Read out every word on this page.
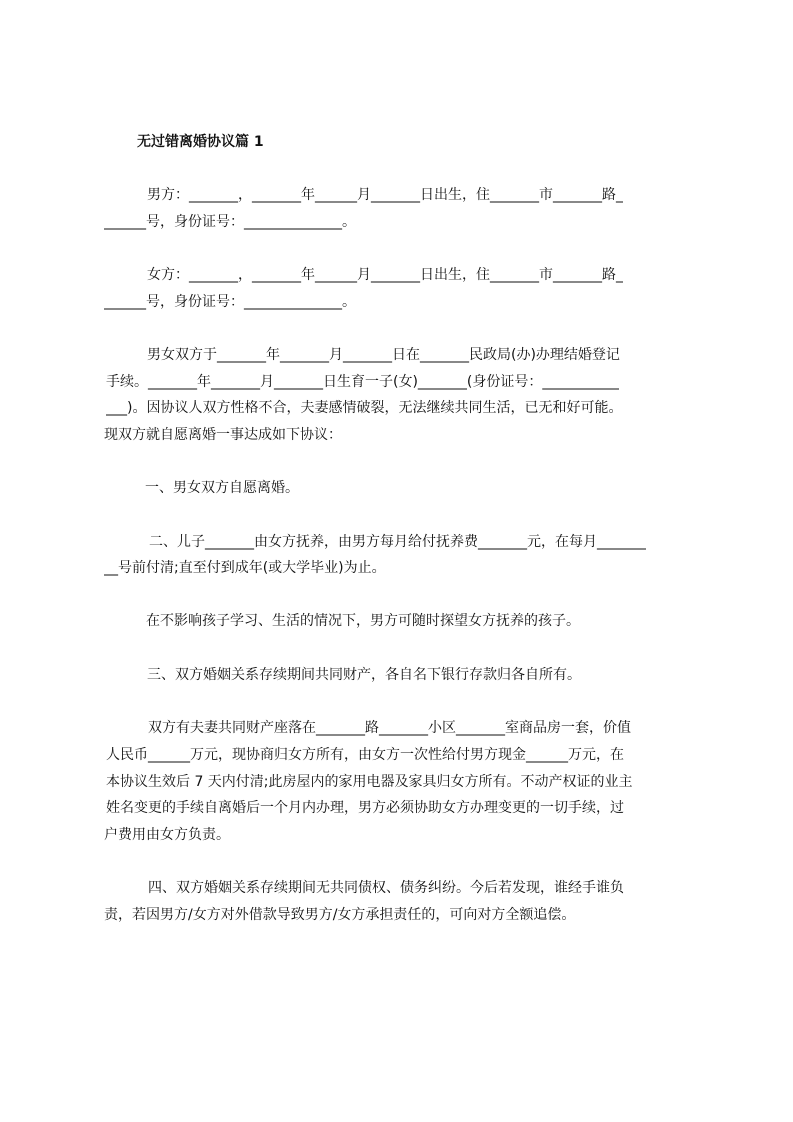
无过错离婚协议篇 1
男方：_______，_______年______月_______日出生，住_______市_______路_
______号，身份证号：______________。
女方：_______，_______年______月_______日出生，住_______市_______路_
______号，身份证号：______________。
男女双方于_______年_______月_______日在_______民政局(办)办理结婚登记
手续。_______年_______月_______日生育一子(女)_______(身份证号：___________
___)。因协议人双方性格不合，夫妻感情破裂，无法继续共同生活，已无和好可能。
现双方就自愿离婚一事达成如下协议：
一、男女双方自愿离婚。
二、儿子_______由女方抚养，由男方每月给付抚养费_______元，在每月_______
__号前付清;直至付到成年(或大学毕业)为止。
在不影响孩子学习、生活的情况下，男方可随时探望女方抚养的孩子。
三、双方婚姻关系存续期间共同财产，各自名下银行存款归各自所有。
双方有夫妻共同财产座落在_______路_______小区_______室商品房一套，价值
人民币______万元，现协商归女方所有，由女方一次性给付男方现金______万元，在
本协议生效后 7 天内付清;此房屋内的家用电器及家具归女方所有。不动产权证的业主
姓名变更的手续自离婚后一个月内办理，男方必须协助女方办理变更的一切手续，过
户费用由女方负责。
四、双方婚姻关系存续期间无共同债权、债务纠纷。今后若发现，谁经手谁负
责，若因男方/女方对外借款导致男方/女方承担责任的，可向对方全额追偿。
